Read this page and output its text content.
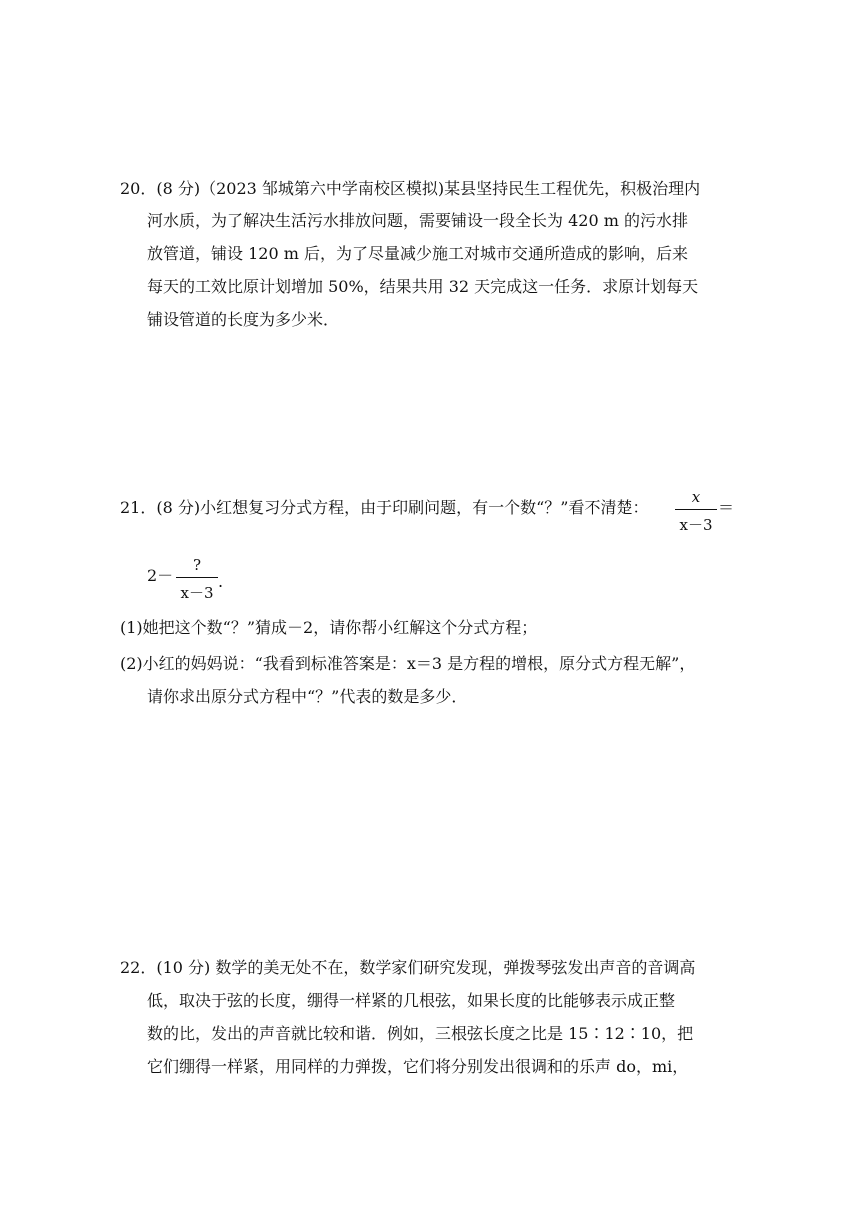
20．(8 分)（2023 邹城第六中学南校区模拟)某县坚持民生工程优先，积极治理内
河水质，为了解决生活污水排放问题，需要铺设一段全长为 420 m 的污水排
放管道，铺设 120 m 后，为了尽量减少施工对城市交通所造成的影响，后来
每天的工效比原计划增加 50%，结果共用 32 天完成这一任务．求原计划每天
铺设管道的长度为多少米．
21．(8 分)小红想复习分式方程，由于印刷问题，有一个数“？”看不清楚：
x
x－3
＝
2－
?
x－3
.
(1)她把这个数“？”猜成－2，请你帮小红解这个分式方程；
(2)小红的妈妈说：“我看到标准答案是：x＝3 是方程的增根，原分式方程无解”，
请你求出原分式方程中“？”代表的数是多少．
22．(10 分) 数学的美无处不在，数学家们研究发现，弹拨琴弦发出声音的音调高
低，取决于弦的长度，绷得一样紧的几根弦，如果长度的比能够表示成正整
数的比，发出的声音就比较和谐．例如，三根弦长度之比是 15∶12∶10，把
它们绷得一样紧，用同样的力弹拨，它们将分别发出很调和的乐声 do，mi，
